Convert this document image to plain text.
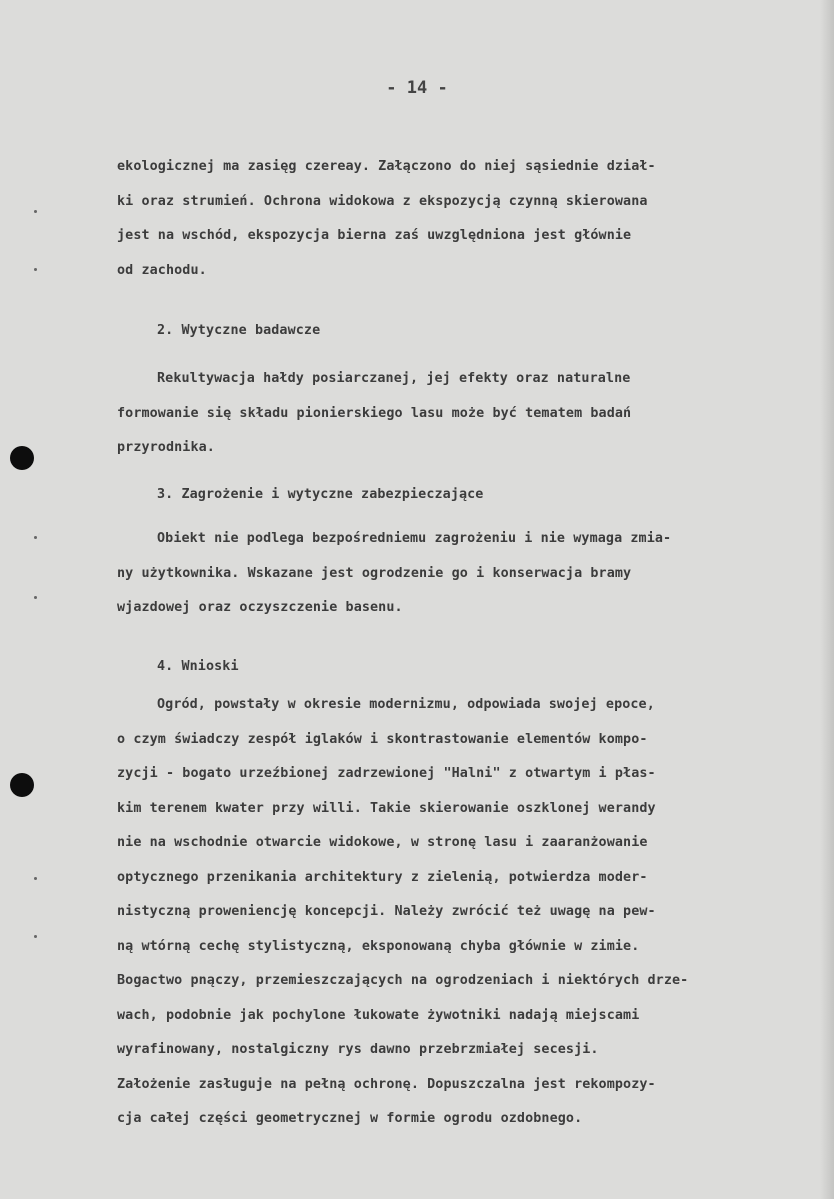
- 14 -
ekologicznej ma zasięg czereay. Załączono do niej sąsiednie dział-
ki oraz strumień. Ochrona widokowa z ekspozycją czynną skierowana
jest na wschód, ekspozycja bierna zaś uwzględniona jest głównie
od zachodu.
2. Wytyczne badawcze
Rekultywacja hałdy posiarczanej, jej efekty oraz naturalne
formowanie się składu pionierskiego lasu może być tematem badań
przyrodnika.
3. Zagrożenie i wytyczne zabezpieczające
Obiekt nie podlega bezpośredniemu zagrożeniu i nie wymaga zmia-
ny użytkownika. Wskazane jest ogrodzenie go i konserwacja bramy
wjazdowej oraz oczyszczenie basenu.
4. Wnioski
Ogród, powstały w okresie modernizmu, odpowiada swojej epoce,
o czym świadczy zespół iglaków i skontrastowanie elementów kompo-
zycji - bogato urzeźbionej zadrzewionej "Halni" z otwartym i płas-
kim terenem kwater przy willi. Takie skierowanie oszklonej werandy
nie na wschodnie otwarcie widokowe, w stronę lasu i zaaranżowanie
optycznego przenikania architektury z zielenią, potwierdza moder-
nistyczną proweniencję koncepcji. Należy zwrócić też uwagę na pew-
ną wtórną cechę stylistyczną, eksponowaną chyba głównie w zimie.
Bogactwo pnączy, przemieszczających na ogrodzeniach i niektórych drze-
wach, podobnie jak pochylone łukowate żywotniki nadają miejscami
wyrafinowany, nostalgiczny rys dawno przebrzmiałej secesji.
Założenie zasługuje na pełną ochronę. Dopuszczalna jest rekompozy-
cja całej części geometrycznej w formie ogrodu ozdobnego.
